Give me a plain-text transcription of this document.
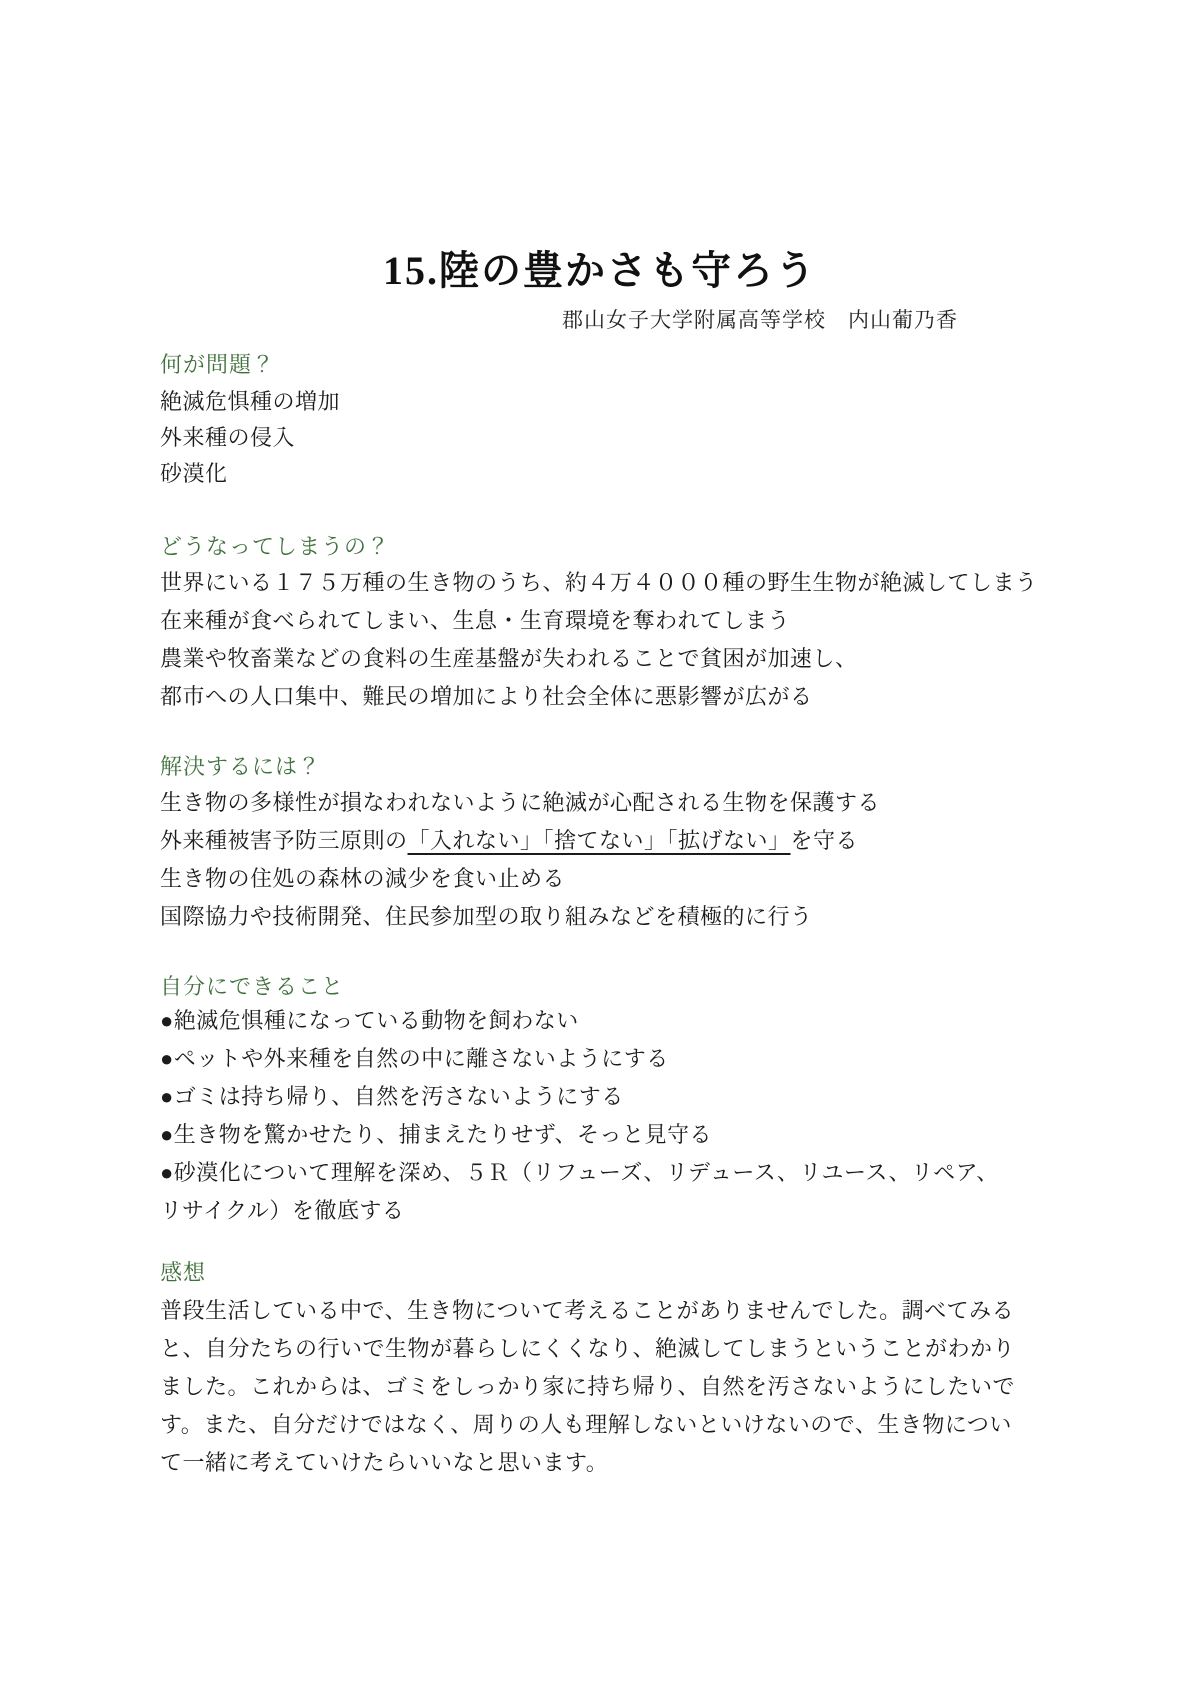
15.陸の豊かさも守ろう
郡山女子大学附属高等学校　内山葡乃香
何が問題？
絶滅危惧種の増加
外来種の侵入
砂漠化
どうなってしまうの？
世界にいる１７５万種の生き物のうち、約４万４０００種の野生生物が絶滅してしまう
在来種が食べられてしまい、生息・生育環境を奪われてしまう
農業や牧畜業などの食料の生産基盤が失われることで貧困が加速し、
都市への人口集中、難民の増加により社会全体に悪影響が広がる
解決するには？
生き物の多様性が損なわれないように絶滅が心配される生物を保護する
外来種被害予防三原則の「入れない」「捨てない」「拡げない」を守る
生き物の住処の森林の減少を食い止める
国際協力や技術開発、住民参加型の取り組みなどを積極的に行う
自分にできること
●絶滅危惧種になっている動物を飼わない
●ペットや外来種を自然の中に離さないようにする
●ゴミは持ち帰り、自然を汚さないようにする
●生き物を驚かせたり、捕まえたりせず、そっと見守る
●砂漠化について理解を深め、５Ｒ（リフューズ、リデュース、リユース、リペア、
リサイクル）を徹底する
感想
普段生活している中で、生き物について考えることがありませんでした。調べてみる
と、自分たちの行いで生物が暮らしにくくなり、絶滅してしまうということがわかり
ました。これからは、ゴミをしっかり家に持ち帰り、自然を汚さないようにしたいで
す。また、自分だけではなく、周りの人も理解しないといけないので、生き物につい
て一緒に考えていけたらいいなと思います。
